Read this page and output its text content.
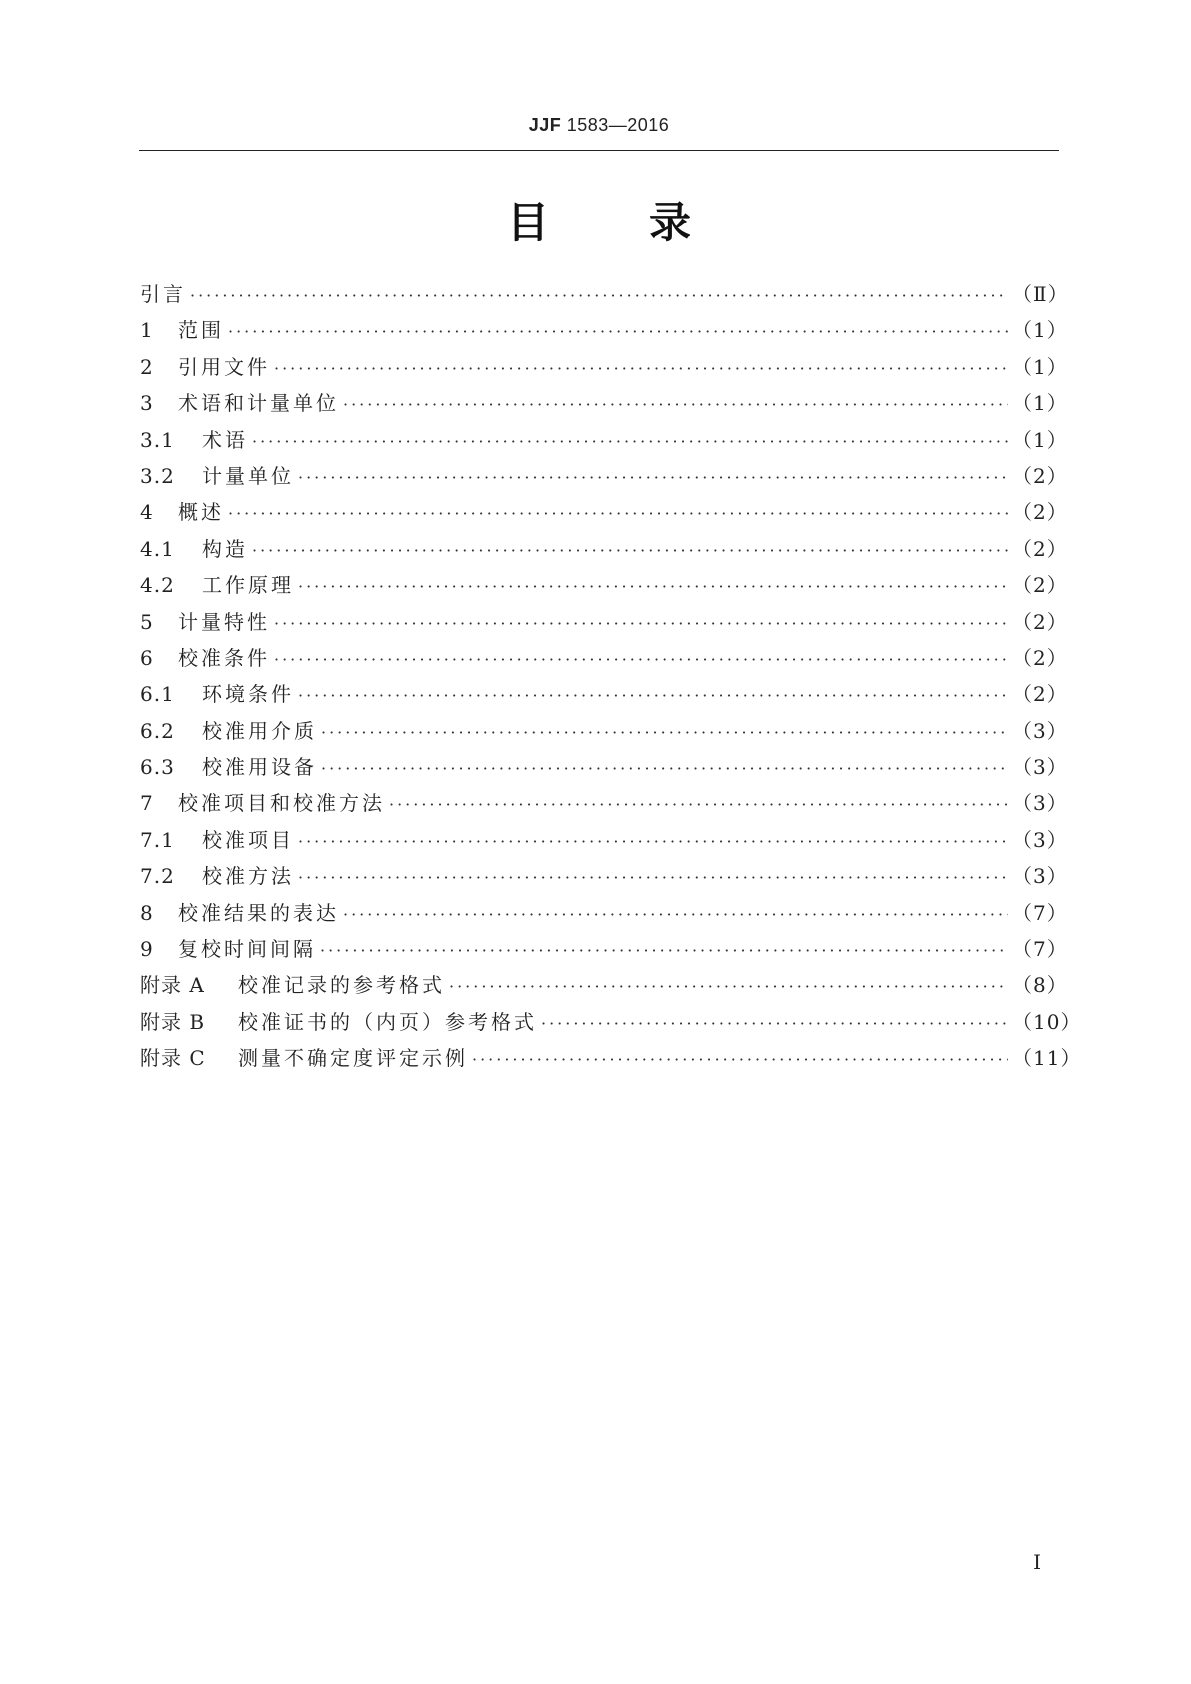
JJF 1583—2016
目 录
引言 ·····	（Ⅱ）
1	范围 ·····	（1）
2	引用文件 ·····	（1）
3	术语和计量单位 ·····	（1）
3.1	术语 ·····	（1）
3.2	计量单位 ·····	（2）
4	概述 ·····	（2）
4.1	构造 ·····	（2）
4.2	工作原理 ·····	（2）
5	计量特性 ·····	（2）
6	校准条件 ·····	（2）
6.1	环境条件 ·····	（2）
6.2	校准用介质 ·····	（3）
6.3	校准用设备 ·····	（3）
7	校准项目和校准方法 ·····	（3）
7.1	校准项目 ·····	（3）
7.2	校准方法 ·····	（3）
8	校准结果的表达 ·····	（7）
9	复校时间间隔 ·····	（7）
附录 A	校准记录的参考格式 ·····	（8）
附录 B	校准证书的（内页）参考格式 ·····	（10）
附录 C	测量不确定度评定示例 ·····	（11）
Ⅰ
